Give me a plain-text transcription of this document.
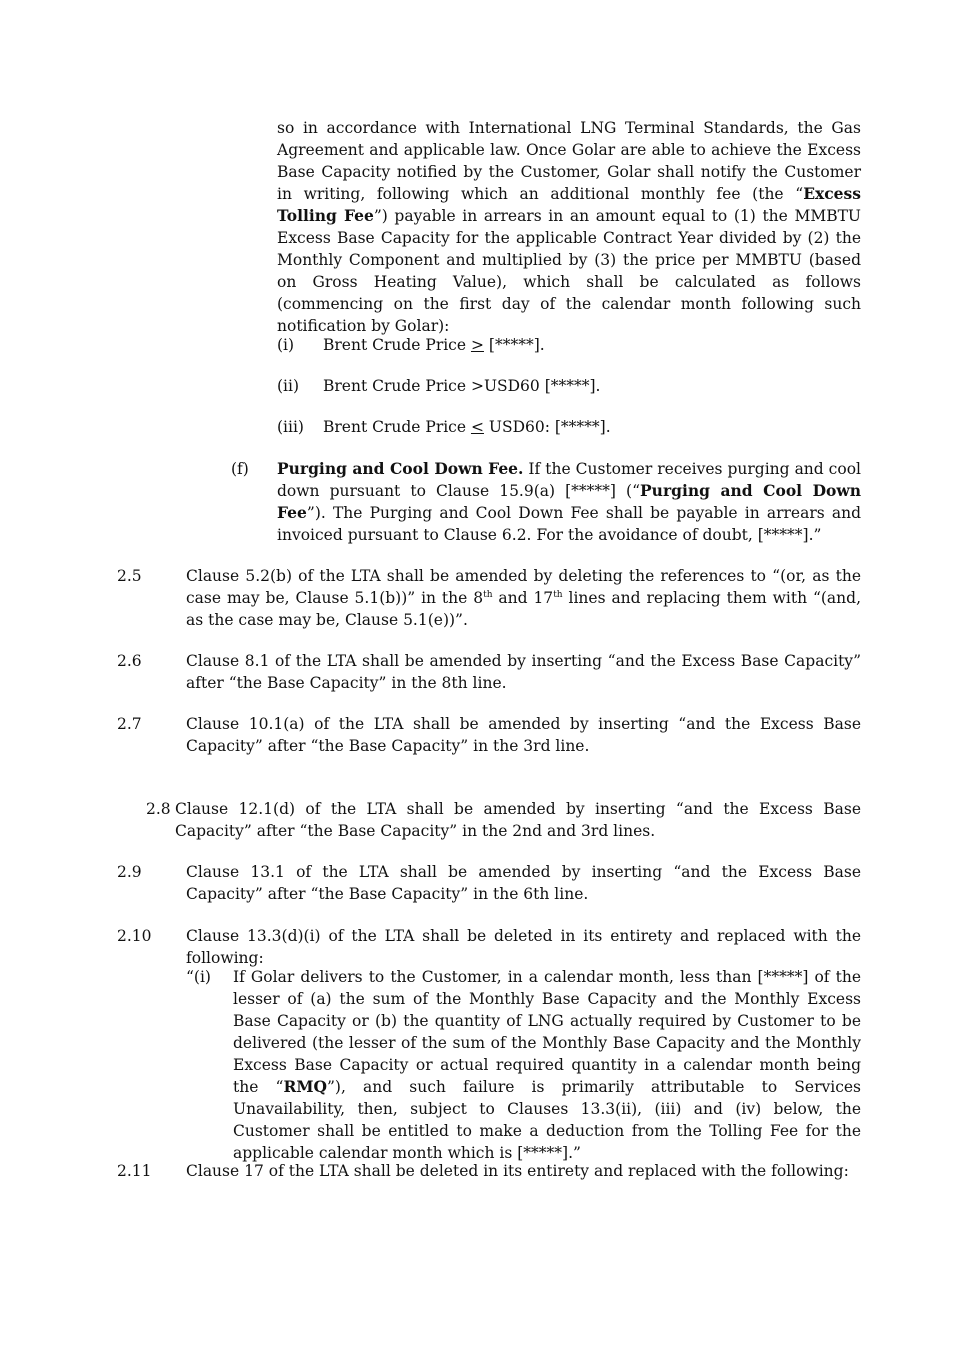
so in accordance with International LNG Terminal Standards, the Gas Agreement and applicable law. Once Golar are able to achieve the Excess Base Capacity notified by the Customer, Golar shall notify the Customer in writing, following which an additional monthly fee (the “Excess Tolling Fee”) payable in arrears in an amount equal to (1) the MMBTU Excess Base Capacity for the applicable Contract Year divided by (2) the Monthly Component and multiplied by (3) the price per MMBTU (based on Gross Heating Value), which shall be calculated as follows (commencing on the first day of the calendar month following such notification by Golar):

(i) Brent Crude Price > [*****].

(ii) Brent Crude Price >USD60 [*****].

(iii) Brent Crude Price < USD60: [*****].

(f) Purging and Cool Down Fee. If the Customer receives purging and cool down pursuant to Clause 15.9(a) [*****] (“Purging and Cool Down Fee”). The Purging and Cool Down Fee shall be payable in arrears and invoiced pursuant to Clause 6.2. For the avoidance of doubt, [*****].”

2.5	Clause 5.2(b) of the LTA shall be amended by deleting the references to “(or, as the case may be, Clause 5.1(b))” in the 8th and 17th lines and replacing them with “(and, as the case may be, Clause 5.1(e))”.

2.6	Clause 8.1 of the LTA shall be amended by inserting “and the Excess Base Capacity” after “the Base Capacity” in the 8th line.

2.7	Clause 10.1(a) of the LTA shall be amended by inserting “and the Excess Base Capacity” after “the Base Capacity” in the 3rd line.

2.8 Clause 12.1(d) of the LTA shall be amended by inserting “and the Excess Base Capacity” after “the Base Capacity” in the 2nd and 3rd lines.

2.9	Clause 13.1 of the LTA shall be amended by inserting “and the Excess Base Capacity” after “the Base Capacity” in the 6th line.

2.10 Clause 13.3(d)(i) of the LTA shall be deleted in its entirety and replaced with the following:

“(i) If Golar delivers to the Customer, in a calendar month, less than [*****] of the lesser of (a) the sum of the Monthly Base Capacity and the Monthly Excess Base Capacity or (b) the quantity of LNG actually required by Customer to be delivered (the lesser of the sum of the Monthly Base Capacity and the Monthly Excess Base Capacity or actual required quantity in a calendar month being the “RMQ”), and such failure is primarily attributable to Services Unavailability, then, subject to Clauses 13.3(ii), (iii) and (iv) below, the Customer shall be entitled to make a deduction from the Tolling Fee for the applicable calendar month which is [*****].”

2.11 Clause 17 of the LTA shall be deleted in its entirety and replaced with the following:
